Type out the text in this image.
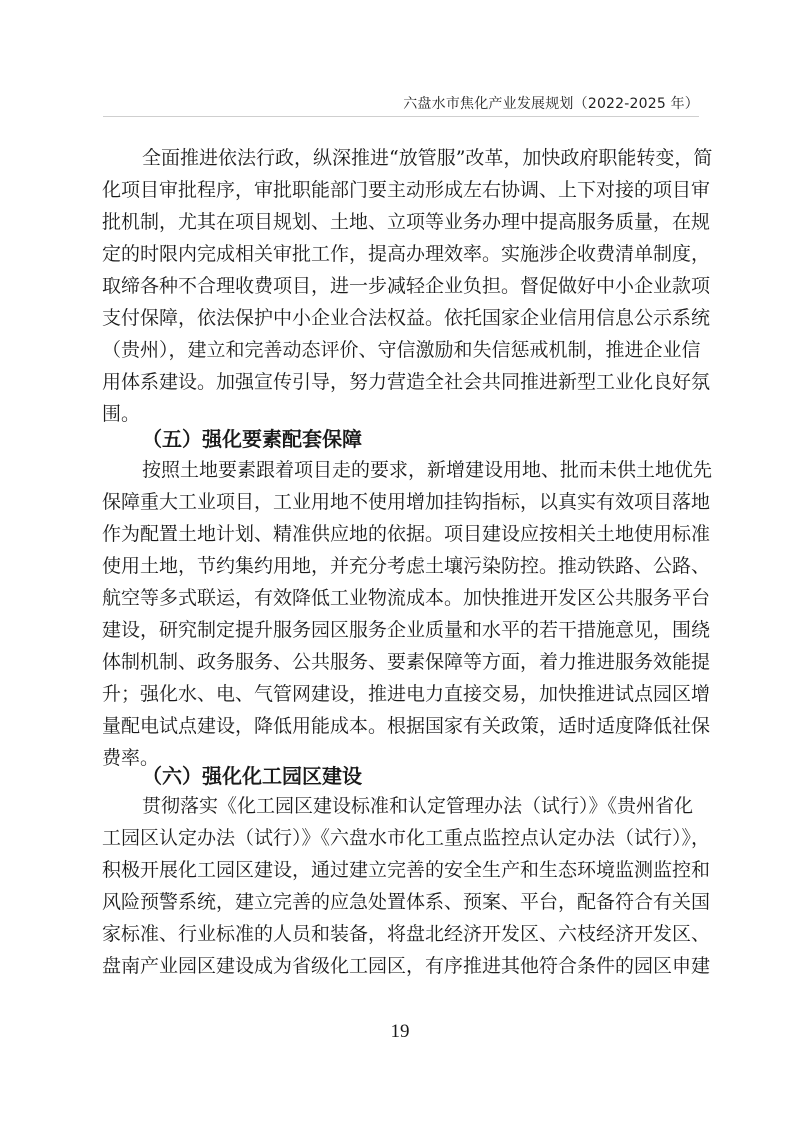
六盘水市焦化产业发展规划（2022-2025 年）
全面推进依法行政，纵深推进“放管服”改革，加快政府职能转变，简
化项目审批程序，审批职能部门要主动形成左右协调、上下对接的项目审
批机制，尤其在项目规划、土地、立项等业务办理中提高服务质量，在规
定的时限内完成相关审批工作，提高办理效率。实施涉企收费清单制度，
取缔各种不合理收费项目，进一步减轻企业负担。督促做好中小企业款项
支付保障，依法保护中小企业合法权益。依托国家企业信用信息公示系统
（贵州），建立和完善动态评价、守信激励和失信惩戒机制，推进企业信
用体系建设。加强宣传引导，努力营造全社会共同推进新型工业化良好氛
围。
（五）强化要素配套保障
按照土地要素跟着项目走的要求，新增建设用地、批而未供土地优先
保障重大工业项目，工业用地不使用增加挂钩指标，以真实有效项目落地
作为配置土地计划、精准供应地的依据。项目建设应按相关土地使用标准
使用土地，节约集约用地，并充分考虑土壤污染防控。推动铁路、公路、
航空等多式联运，有效降低工业物流成本。加快推进开发区公共服务平台
建设，研究制定提升服务园区服务企业质量和水平的若干措施意见，围绕
体制机制、政务服务、公共服务、要素保障等方面，着力推进服务效能提
升；强化水、电、气管网建设，推进电力直接交易，加快推进试点园区增
量配电试点建设，降低用能成本。根据国家有关政策，适时适度降低社保
费率。
（六）强化化工园区建设
贯彻落实《化工园区建设标准和认定管理办法（试行）》《贵州省化
工园区认定办法（试行）》《六盘水市化工重点监控点认定办法（试行）》，
积极开展化工园区建设，通过建立完善的安全生产和生态环境监测监控和
风险预警系统，建立完善的应急处置体系、预案、平台，配备符合有关国
家标准、行业标准的人员和装备，将盘北经济开发区、六枝经济开发区、
盘南产业园区建设成为省级化工园区，有序推进其他符合条件的园区申建
19
